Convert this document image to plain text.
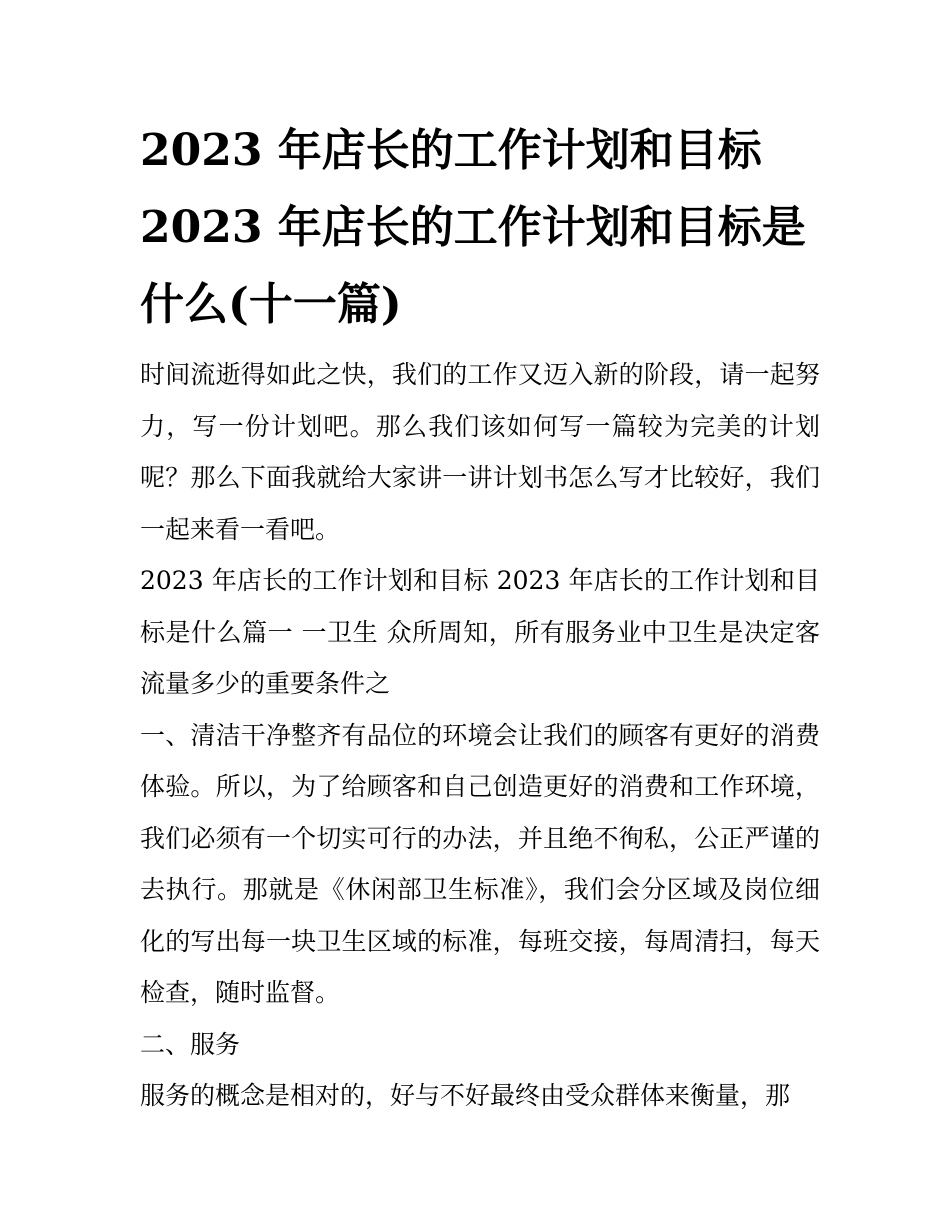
2023 年店长的工作计划和目标 2023 年店长的工作计划和目标是什么(十一篇)

时间流逝得如此之快，我们的工作又迈入新的阶段，请一起努力，写一份计划吧。那么我们该如何写一篇较为完美的计划呢？那么下面我就给大家讲一讲计划书怎么写才比较好，我们一起来看一看吧。

2023 年店长的工作计划和目标 2023 年店长的工作计划和目标是什么篇一 一卫生 众所周知，所有服务业中卫生是决定客流量多少的重要条件之

一、清洁干净整齐有品位的环境会让我们的顾客有更好的消费体验。所以，为了给顾客和自己创造更好的消费和工作环境，我们必须有一个切实可行的办法，并且绝不徇私，公正严谨的去执行。那就是《休闲部卫生标准》，我们会分区域及岗位细化的写出每一块卫生区域的标准，每班交接，每周清扫，每天检查，随时监督。

二、服务

服务的概念是相对的，好与不好最终由受众群体来衡量，那
